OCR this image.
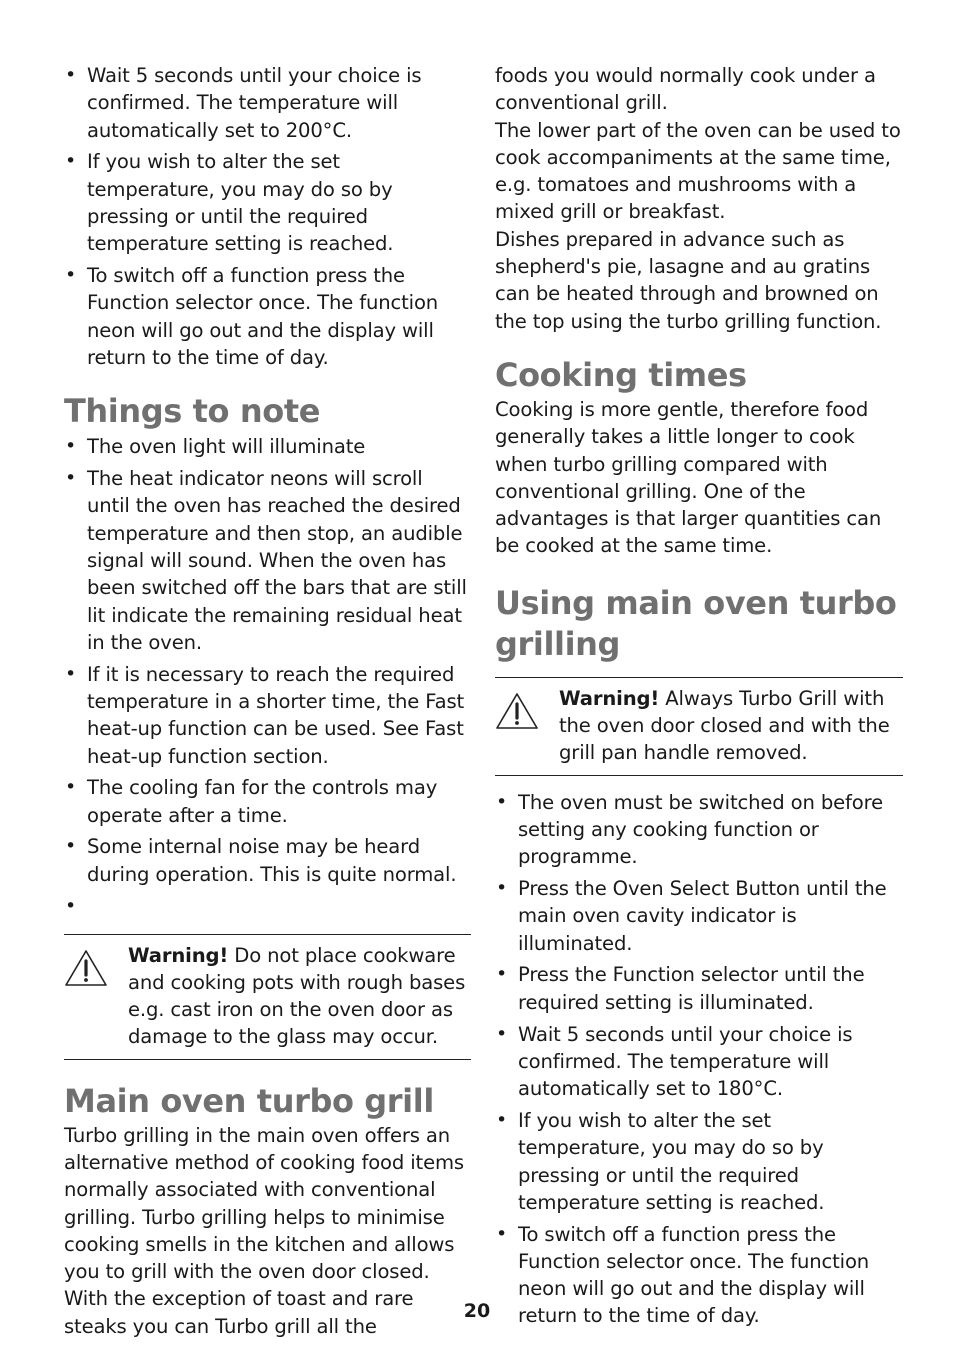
• Wait 5 seconds until your choice is confirmed. The temperature will automatically set to 200°C.
• If you wish to alter the set temperature, you may do so by pressing or until the required temperature setting is reached.
• To switch off a function press the Function selector once. The function neon will go out and the display will return to the time of day.
Things to note
• The oven light will illuminate
• The heat indicator neons will scroll until the oven has reached the desired temperature and then stop, an audible signal will sound. When the oven has been switched off the bars that are still lit indicate the remaining residual heat in the oven.
• If it is necessary to reach the required temperature in a shorter time, the Fast heat-up function can be used. See Fast heat-up function section.
• The cooling fan for the controls may operate after a time.
• Some internal noise may be heard during operation. This is quite normal.
•
Warning! Do not place cookware and cooking pots with rough bases e.g. cast iron on the oven door as damage to the glass may occur.
Main oven turbo grill

Turbo grilling in the main oven offers an alternative method of cooking food items normally associated with conventional grilling. Turbo grilling helps to minimise cooking smells in the kitchen and allows you to grill with the oven door closed. With the exception of toast and rare steaks you can Turbo grill all the

foods you would normally cook under a conventional grill.

The lower part of the oven can be used to cook accompaniments at the same time, e.g. tomatoes and mushrooms with a mixed grill or breakfast.

Dishes prepared in advance such as shepherd's pie, lasagne and au gratins can be heated through and browned on the top using the turbo grilling function.

Cooking times

Cooking is more gentle, therefore food generally takes a little longer to cook when turbo grilling compared with conventional grilling. One of the advantages is that larger quantities can be cooked at the same time.

Using main oven turbo grilling
Warning! Always Turbo Grill with the oven door closed and with the grill pan handle removed.
• The oven must be switched on before setting any cooking function or programme.
• Press the Oven Select Button until the main oven cavity indicator is illuminated.
• Press the Function selector until the required setting is illuminated.
• Wait 5 seconds until your choice is confirmed. The temperature will automatically set to 180°C.
• If you wish to alter the set temperature, you may do so by pressing or until the required temperature setting is reached.
• To switch off a function press the Function selector once. The function neon will go out and the display will return to the time of day.
20
